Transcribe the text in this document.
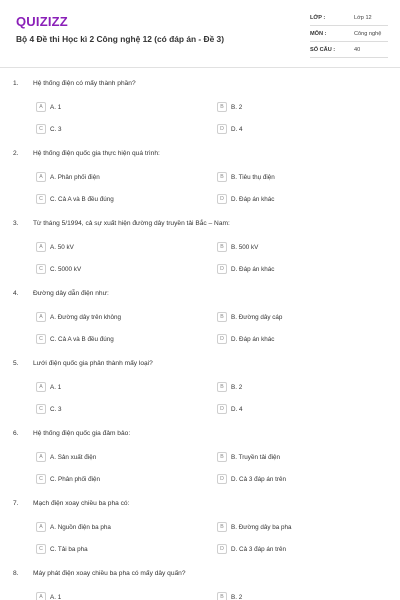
QUIZIZZ
Bộ 4 Đề thi Học kì 2 Công nghệ 12 (có đáp án - Đề 3)
LỚP :	Lớp 12
MÔN :	Công nghệ
SỐ CÂU :	40
1. Hệ thống điện có mấy thành phần?
A	A. 1	B	B. 2
C	C. 3	D	D. 4
2. Hệ thống điện quốc gia thực hiện quá trình:
A	A. Phân phối điện	B	B. Tiêu thụ điện
C	C. Cả A và B đều đúng	D	D. Đáp án khác
3. Từ tháng 5/1994, cả sự xuất hiện đường dây truyền tải Bắc – Nam:
A	A. 50 kV	B	B. 500 kV
C	C. 5000 kV	D	D. Đáp án khác
4. Đường dây dẫn điện như:
A	A. Đường dây trên không	B	B. Đường dây cáp
C	C. Cả A và B đều đúng	D	D. Đáp án khác
5. Lưới điện quốc gia phân thành mấy loại?
A	A. 1	B	B. 2
C	C. 3	D	D. 4
6. Hệ thống điện quốc gia đảm bảo:
A	A. Sản xuất điện	B	B. Truyền tải điện
C	C. Phân phối điện	D	D. Cả 3 đáp án trên
7. Mạch điện xoay chiều ba pha có:
A	A. Nguồn điện ba pha	B	B. Đường dây ba pha
C	C. Tải ba pha	D	D. Cả 3 đáp án trên
8. Máy phát điện xoay chiều ba pha có mấy dây quấn?
A	A. 1	B	B. 2
